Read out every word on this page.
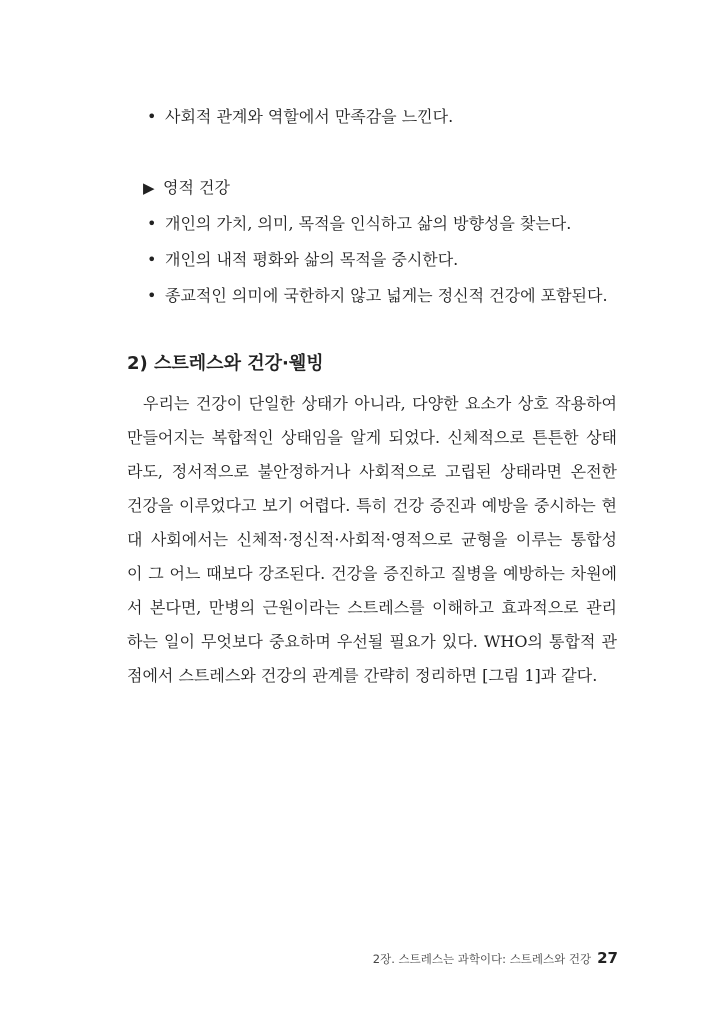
• 사회적 관계와 역할에서 만족감을 느낀다.
▶ 영적 건강
• 개인의 가치, 의미, 목적을 인식하고 삶의 방향성을 찾는다.
• 개인의 내적 평화와 삶의 목적을 중시한다.
• 종교적인 의미에 국한하지 않고 넓게는 정신적 건강에 포함된다.
2) 스트레스와 건강·웰빙
우리는 건강이 단일한 상태가 아니라, 다양한 요소가 상호 작용하여
만들어지는 복합적인 상태임을 알게 되었다. 신체적으로 튼튼한 상태
라도, 정서적으로 불안정하거나 사회적으로 고립된 상태라면 온전한
건강을 이루었다고 보기 어렵다. 특히 건강 증진과 예방을 중시하는 현
대 사회에서는 신체적·정신적·사회적·영적으로 균형을 이루는 통합성
이 그 어느 때보다 강조된다. 건강을 증진하고 질병을 예방하는 차원에
서 본다면, 만병의 근원이라는 스트레스를 이해하고 효과적으로 관리
하는 일이 무엇보다 중요하며 우선될 필요가 있다. WHO의 통합적 관
점에서 스트레스와 건강의 관계를 간략히 정리하면 [그림 1]과 같다.
2장. 스트레스는 과학이다: 스트레스와 건강 27
